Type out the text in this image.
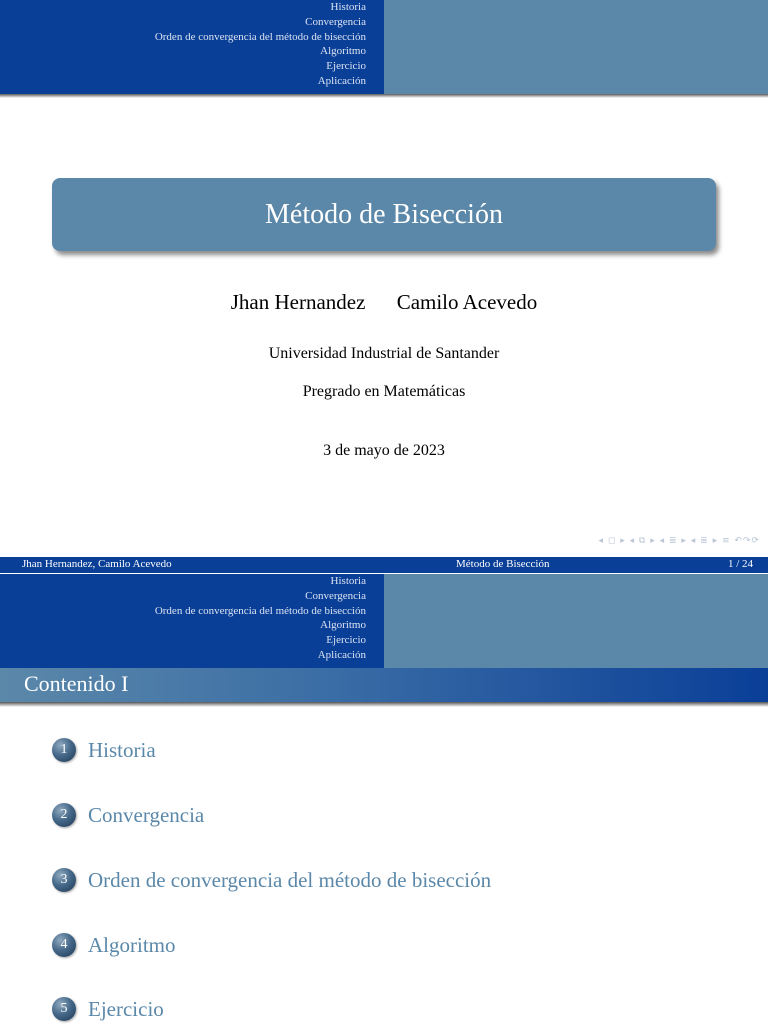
Historia
Convergencia
Orden de convergencia del método de bisección
Algoritmo
Ejercicio
Aplicación
Método de Bisección
Jhan Hernandez Camilo Acevedo
Universidad Industrial de Santander
Pregrado en Matemáticas
3 de mayo de 2023
◂ ◻ ▸ ◂ ⧉ ▸ ◂ ≣ ▸ ◂ ≣ ▸ ≡ ↶↷⟳
Jhan Hernandez, Camilo Acevedo	Método de Bisección	1 / 24
Historia
Convergencia
Orden de convergencia del método de bisección
Algoritmo
Ejercicio
Aplicación
Contenido I
1 Historia
2 Convergencia
3 Orden de convergencia del método de bisección
4 Algoritmo
5 Ejercicio
